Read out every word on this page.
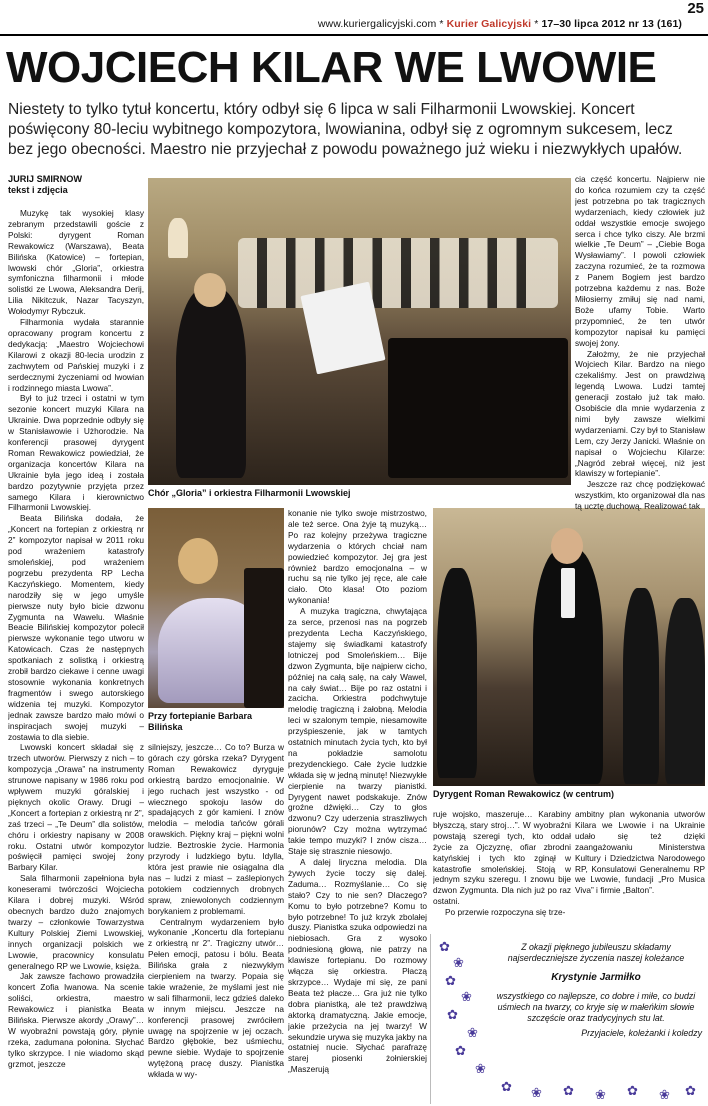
25
www.kuriergalicyjski.com * Kurier Galicyjski * 17–30 lipca 2012 nr 13 (161)
WOJCIECH KILAR WE LWOWIE
Niestety to tylko tytuł koncertu, który odbył się 6 lipca w sali Filharmonii Lwowskiej. Koncert poświęcony 80-leciu wybitnego kompozytora, lwowianina, odbył się z ogromnym sukcesem, lecz bez jego obecności. Maestro nie przyjechał z powodu poważnego już wieku i niezwykłych upałów.
JURIJ SMIRNOW
tekst i zdjęcia

Muzykę tak wysokiej klasy zebranym przedstawili goście z Polski: dyrygent Roman Rewakowicz (Warszawa), Beata Bilińska (Katowice) – fortepian, lwowski chór „Gloria”, orkiestra symfoniczna filharmonii i młode solistki ze Lwowa, Aleksandra Derij, Lilia Nikitczuk, Nazar Tacyszyn, Wołodymyr Rybczuk.

Filharmonia wydała starannie opracowany program koncertu z dedykacją: „Maestro Wojciechowi Kilarowi z okazji 80-lecia urodzin z zachwytem od Pańskiej muzyki i z serdecznymi życzeniami od lwowian i rodzinnego miasta Lwowa”.

Był to już trzeci i ostatni w tym sezonie koncert muzyki Kilara na Ukrainie. Dwa poprzednie odbyły się w Stanisławowie i Użhorodzie. Na konferencji prasowej dyrygent Roman Rewakowicz powiedział, że organizacja koncertów Kilara na Ukrainie była jego ideą i została bardzo pozytywnie przyjęta przez samego Kilara i kierownictwo Filharmonii Lwowskiej.

Beata Bilińska dodała, że „Koncert na fortepian z orkiestrą nr 2” kompozytor napisał w 2011 roku pod wrażeniem katastrofy smoleńskiej, pod wrażeniem pogrzebu prezydenta RP Lecha Kaczyńskiego. Momentem, kiedy narodziły się w jego umyśle pierwsze nuty było bicie dzwonu Zygmunta na Wawelu. Właśnie Beacie Bilińskiej kompozytor polecił pierwsze wykonanie tego utworu w Katowicach. Czas że następnych spotkaniach z solistką i orkiestrą zrobił bardzo ciekawe i cenne uwagi stosownie wykonania konkretnych fragmentów i swego autorskiego widzenia tej muzyki. Kompozytor jednak zawsze bardzo mało mówi o inspiracjach swojej muzyki – zostawia to dla siebie.

Lwowski koncert składał się z trzech utworów. Pierwszy z nich – to kompozycja „Orawa” na instrumenty strunowe napisany w 1986 roku pod wpływem muzyki góralskiej i pięknych okolic Orawy. Drugi – „Koncert a fortepian z orkiestrą nr 2”, zaś trzeci – „Te Deum” dla solistów, chóru i orkiestry napisany w 2008 roku. Ostatni utwór kompozytor poświęcił pamięci swojej żony Barbary Kilar.

Sala filharmonii zapełniona była koneserami twórczości Wojciecha Kilara i dobrej muzyki. Wśród obecnych bardzo dużo znajomych twarzy – członkowie Towarzystwa Kultury Polskiej Ziemi Lwowskiej, innych organizacji polskich we Lwowie, pracownicy konsulatu generalnego RP we Lwowie, księża.

Jak zawsze fachowo prowadziła koncert Zofia Iwanowa. Na scenie soliści, orkiestra, maestro Rewakowicz i pianistka Beata Bilińska. Pierwsze akordy „Orawy”… W wyobraźni powstają góry, płynie rzeka, zadumana połonina. Słychać tylko skrzypce. I nie wiadomo skąd grzmot, jeszcze

Chór „Gloria” i orkiestra Filharmonii Lwowskiej
Przy fortepianie Barbara Bilińska

silniejszy, jeszcze… Co to? Burza w górach czy górska rzeka? Dyrygent Roman Rewakowicz dyryguje orkiestrą bardzo emocjonalnie. W jego ruchach jest wszystko - od wiecznego spokoju lasów do spadających z gór kamieni. I znów melodia – melodia tańców górali orawskich. Piękny kraj – piękni wolni ludzie. Beztroskie życie. Harmonia przyrody i ludzkiego bytu. Idylla, która jest prawie nie osiągalna dla nas – ludzi z miast – zaślepionych potokiem codziennych drobnych spraw, zniewolonych codziennym borykaniem z problemami.

Centralnym wydarzeniem było wykonanie „Koncertu dla fortepianu z orkiestrą nr 2”. Tragiczny utwór… Pełen emocji, patosu i bólu. Beata Bilińska grała z niezwykłym cierpieniem na twarzy. Popaia się takie wrażenie, że myślami jest nie w sali filharmonii, lecz gdzieś daleko w innym miejscu. Jeszcze na konferencji prasowej zwróciłem uwagę na spojrzenie w jej oczach. Bardzo głębokie, bez uśmiechu, pewne siebie. Wydaje to spojrzenie wytężoną pracę duszy. Pianistka wkłada w wy-

konanie nie tylko swoje mistrzostwo, ale też serce. Ona żyje tą muzyką… Po raz kolejny przeżywa tragiczne wydarzenia o których chciał nam powiedzieć kompozytor. Jej gra jest również bardzo emocjonalna – w ruchu są nie tylko jej ręce, ale całe ciało. Oto klasa! Oto poziom wykonania!

A muzyka tragiczna, chwytająca za serce, przenosi nas na pogrzeb prezydenta Lecha Kaczyńskiego, stajemy się świadkami katastrofy lotniczej pod Smoleńskiem… Bije dzwon Zygmunta, bije najpierw cicho, później na całą salę, na cały Wawel, na cały świat… Bije po raz ostatni i zacicha. Orkiestra podchwytuje melodię tragiczną i żałobną. Melodia leci w szalonym tempie, niesamowite przyśpieszenie, jak w tamtych ostatnich minutach życia tych, kto był na pokładzie samolotu prezydenckiego. Całe życie ludzkie wkłada się w jedną minutę! Niezwykłe cierpienie na twarzy pianistki. Dyrygent nawet podskakuje. Znów groźne dźwięki… Czy to głos dzwonu? Czy uderzenia straszliwych piorunów? Czy można wytrzymać takie tempo muzyki? I znów cisza… Staje się strasznie niesowjo.

A dalej liryczna melodia. Dla żywych życie toczy się dalej. Zaduma… Rozmyślanie… Co się stało? Czy to nie sen? Dlaczego? Komu to było potrzebne? Komu to było potrzebne! To już krzyk zbolałej duszy. Pianistka szuka odpowiedzi na niebiosach. Gra z wysoko podniesioną głową, nie patrzy na klawisze fortepianu. Do rozmowy włącza się orkiestra. Płaczą skrzypce… Wydaje mi się, ze pani Beata też płacze… Gra już nie tylko dobra pianistką, ale też prawdziwą aktorką dramatyczną. Jakie emocje, jakie przeżycia na jej twarzy! W sekundzie urywa się muzyka jakby na ostatniej nucie. Słychać parafrazę starej piosenki żołnierskiej „Maszerują

Dyrygent Roman Rewakowicz (w centrum)

ruje wojsko, maszeruje… Karabiny błyszczą, stary stroj…”. W wyobraźni powstają szeregi tych, kto oddał życie za Ojczyznę, ofiar zbrodni katyńskiej i tych kto zginął w katastrofie smoleńskiej. Stoją w jednym szyku szeregu. I znowu bije dzwon Zygmunta. Dla nich już po raz ostatni.

Po przerwie rozpoczyna się trze-

ambitny plan wykonania utworów Kilara we Lwowie i na Ukrainie udało się też dzięki zaangażowaniu Ministerstwa Kultury i Dziedzictwa Narodowego RP, Konsulatowi Generalnemu RP we Lwowie, fundacji „Pro Musica Viva” i firmie „Balton”.

cia część koncertu. Najpierw nie do końca rozumiem czy ta część jest potrzebna po tak tragicznych wydarzeniach, kiedy człowiek już oddał wszystkie emocje swojego serca i chce tylko ciszy. Ale brzmi wielkie „Te Deum” – „Ciebie Boga Wysławiamy”. I powoli człowiek zaczyna rozumieć, że ta rozmowa z Panem Bogiem jest bardzo potrzebna każdemu z nas. Boże Miłosierny zmiłuj się nad nami, Boże ufamy Tobie. Warto przypomnieć, że ten utwór kompozytor napisał ku pamięci swojej żony.

Założmy, że nie przyjechał Wojciech Kilar. Bardzo na niego czekaliśmy. Jest on prawdziwą legendą Lwowa. Ludzi tamtej generacji zostało już tak mało. Osobiście dla mnie wydarzenia z nimi były zawsze wielkimi wydarzeniami. Czy był to Stanisław Lem, czy Jerzy Janicki. Właśnie on napisał o Wojciechu Kilarze: „Nagród zebrał więcej, niż jest klawiszy w fortepianie”.

Jeszcze raz chcę podziękować wszystkim, kto organizował dla nas tą ucztę duchową. Realizować tak

✿
❀
✿
❀
✿
❀
✿
❀
✿ ❀ ✿ ❀ ✿ ❀ ✿
Z okazji pięknego jubileuszu składamy najserdeczniejsze życzenia naszej koleżance
Krystynie Jarmiłko
wszystkiego co najlepsze, co dobre i miłe, co budzi uśmiech na twarzy, co kryje się w małeńkim słowie szczęście oraz tradycyjnych stu lat.
Przyjaciele, koleżanki i koledzy
